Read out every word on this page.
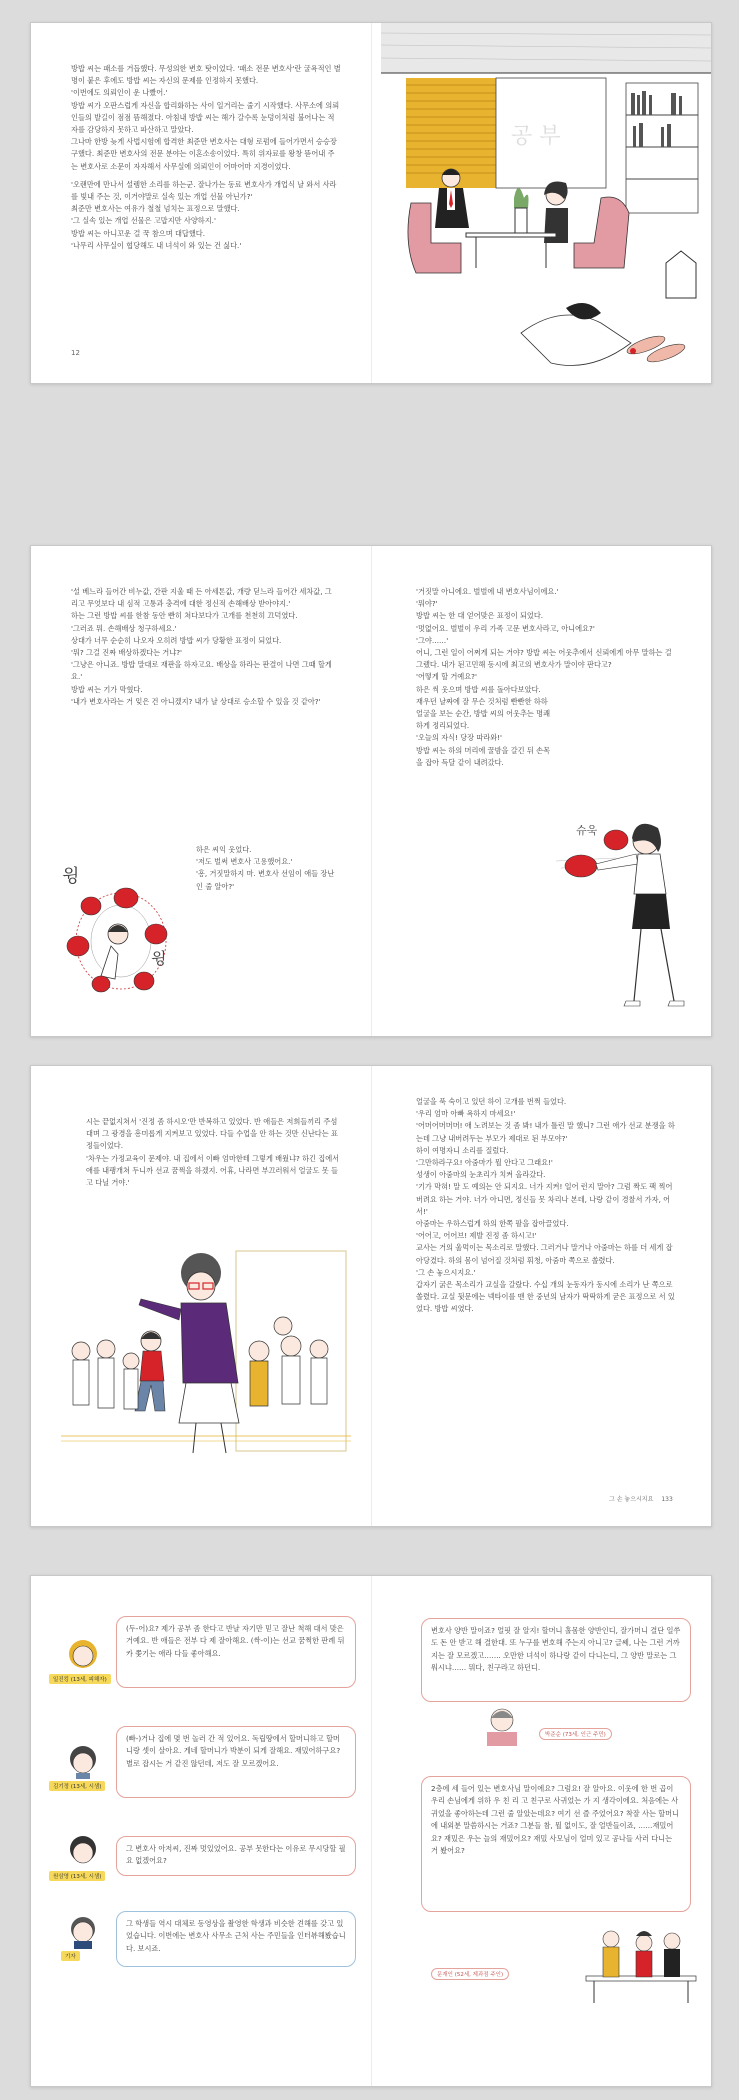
방밥 씨는 패소를 거듭했다. 무성의한 변호 탓이었다. '패소 전문 변호사'란 굴욕적인 별명이 붙은 후에도 방밥 씨는 자신의 문제를 인정하지 못했다.

'이번에도 의뢰인이 운 나빴어.'

방밥 씨가 오판스럽게 자신을 합리화하는 사이 일거리는 줄기 시작했다. 사무소에 의뢰인들의 발길이 점점 뜸해졌다. 아침내 방밥 씨는 해가 갈수록 눈덩이처럼 불어나는 적자를 감당하지 못하고 파산하고 말았다.

그나마 한방 늦게 사법시험에 합격한 최준만 변호사는 대형 로펌에 들어가면서 승승장구했다. 최준만 변호사의 전문 분야는 이혼소송이었다. 특히 위자료를 왕창 뜯어내 주는 변호사로 소문이 자자해서 사무실에 의뢰인이 어마어마 지경이었다.

'오랜만에 만나서 설렘한 소리를 하는군. 잘나가는 동료 변호사가 개업식 날 와서 사라를 빛내 주는 것, 이거야말로 실속 있는 개업 선물 아닌가?'

최준만 변호사는 여유가 철철 넘치는 표정으로 말했다.

'그 실속 있는 개업 선물은 고맙지만 사양하지.'

방밥 씨는 아니꼬운 걸 꾹 참으며 대답했다.

'나무리 사무실이 협당해도 내 녀석이 와 있는 건 싫다.'

12
공 부

'설 베느라 들어간 비누값, 간판 지울 때 든 아세톤값, 개량 딛느라 들어간 세차값, 그리고 무엇보다 내 심적 고통과 충격에 대한 정신적 손해배상 받아야지.'

하는 그런 방밥 씨를 한참 동안 빤히 쳐다보다가 고개를 천천히 끄덕였다.

'그러죠 뭐. 손해배상 청구하세요.'

상대가 너무 순순히 나오자 오히려 방밥 씨가 당황한 표정이 되었다.

'뭐? 그걸 진짜 배상하겠다는 거냐?'

'그냥은 아니죠. 방밥 말대로 재판을 하자고요. 배상을 하라는 판결이 나면 그때 할게요.'

방밥 씨는 기가 막혔다.

'내가 변호사라는 거 잊은 건 아니겠지? 내가 날 상대로 승소할 수 있을 것 같아?'

하은 씨익 웃었다.

'저도 벌써 변호사 고용했어요.'

'흥, 거짓말하지 마. 변호사 선임이 애들 장난인 줄 알아?'

윙
윙

'거짓말 아니에요. 벌벌에 내 변호사님이에요.'

'뭐야?'

방밥 씨는 한 대 얻어맞은 표정이 되었다.

'멋없어요. 벌벌이 우리 가족 고문 변호사라고, 아니에요?'

'그야……'

어니, 그런 일이 어쩌게 되는 거야? 방밥 씨는 어웃추에서 신뢰에게 아무 말하는 걸 그랬다. 내가 된고민해 동시에 최고의 변호사가 말이야 판다고?

'어떻게 할 거예요?'

하은 씩 웃으며 방밥 씨를 돌아다보았다.

재우던 날짜에 잘 무슨 것처럼 빤빤한 하하 얼굴을 보는 순간, 방밥 씨의 어웃추는 명쾌하게 정리되었다.

'오늘의 자식! 당장 따라와!'

방밥 씨는 하의 머리에 꿀밤을 갈긴 뒤 손목을 잡아 득달 같이 내려갔다.

슈욱

시는 끝없지쳐서 '진정 좀 하시오'만 반복하고 있었다. 반 애들은 저희들끼리 주섬대며 그 광경을 흥미롭게 지켜보고 있었다. 다들 수업을 안 하는 것만 신난다는 표정들이었다.

'차우는 가정교육이 문제야. 내 집에서 이빠 엄마한테 그렇게 배웠냐? 하긴 집에서 애를 내팽개쳐 두니까 선교 꿈쩍을 하겠지. 어휴, 나라면 부끄러워서 얼굴도 못 들고 다닐 거야.'

얼굴을 푹 숙이고 있던 하이 고개를 번쩍 들었다.

'우리 엄마 아빠 욕하지 마세요!'

'어머어머머머! 애 노려보는 것 좀 봐! 내가 틀린 말 했니? 그런 애가 선교 분쟁을 하는데 그냥 내버려두는 부모가 제대로 된 부모야?'

하이 여명자니 소리를 질렀다.

'그만하라구요! 아줌마가 뭘 안다고 그래요!'

성생이 아줌마의 눈초리가 치켜 올라갔다.

'기가 막혀! 말 도 예의는 안 되지요. 너가 지켜! 일어 런지 말아? 그럼 짝도 팩 찍어버려요 하는 거야. 너가 아니면, 정신들 못 차리나 본데, 나랑 같이 경찰서 가자, 어서!'

아줌마는 우하스럽게 하의 한쪽 팔을 잡아끌었다.

'어어고, 어어브! 제발 진정 좀 하시고!'

교사는 거의 울먹이는 목소리로 말했다. 그러거나 말거나 아줌마는 하를 더 세게 잡아당겼다. 하의 몸이 넘어질 것처럼 휘청, 아줌마 쪽으로 쏠렸다.

'그 손 놓으시지요.'

갑자기 굵은 목소리가 교실을 갈랐다. 수십 개의 눈동자가 동시에 소리가 난 쪽으로 쏠렸다. 교실 뒷문에는 넥타이를 맨 한 중년의 남자가 딱딱하게 굳은 표정으로 서 있었다. 방밥 씨였다.

그 손 놓으시지요 133
일진킹 (13세, 피해자)
(두-어)요? 제가 공부 좀 한다고 반날 자기만 믿고 잘난 척해 대서 맞은 거예요. 반 애들은 전부 다 제 잘아해요. (싹-이)는 선교 꿈쩍한 판례 뒤카 쫓기는 애라 다들 좋아해요.
김기정 (13세, 시샘)
(빠-)거나 집에 몇 번 놀러 간 적 있어요. 독립땅에서 할머니하고 할머니랑 셋이 살아요. 게네 할머니가 박분이 되게 잘해요. 재밌어하구요? 별로 잡시는 거 같진 않던데, 저도 잘 모르겠어요.
원삼영 (13세, 시샘)
그 변호사 아저씨, 진짜 멋있었어요. 공부 못한다는 이유로 무시당할 필요 없겠어요?
기자
그 학생들 역시 대체로 동영상을 촬영한 학생과 비슷한 견해를 갖고 있었습니다. 이번에는 변호사 사무소 근처 사는 주민들을 인터뷰해봤습니다. 보시죠.
변호사 양반 말이죠? 얼핏 잘 알지! 할머니 홀몸한 양반인디, 잘가머니 결단 일쑤도 돈 안 받고 해 결한대. 또 누구를 변호해 주는지 아니고? 글쎄, 나는 그런 거까지는 잘 모르겠고……. 오만한 녀석이 하나랑 같이 다니는디, 그 양반 말로는 그 워시냐…… 뭐다, 친구라고 하던디.
박준순 (73세, 인근 주민)
2층에 세 들어 있는 변호사님 말이에요? 그럼요! 잘 알아요. 이웃에 한 번 곱이 우리 손님에게 위하 우 친 리 고 친구로 사귀었는 가 지 생각이에요. 처음에는 사귀었을 좋아하는데 그런 줄 알았는데요? 여기 선 즐 주었어요? 착잘 사는 할머니에 내외분 말씀하시는 거죠? 그분들 참, 뭘 없이도, 잘 얼반들이죠, ……재밌어요? 재밌은 우는 늘의 재밌어요? 재밌 사모님이 얼미 있고 공나들 사러 다니는 거 봤어요?
문재인 (52세, 제과점 주인)
